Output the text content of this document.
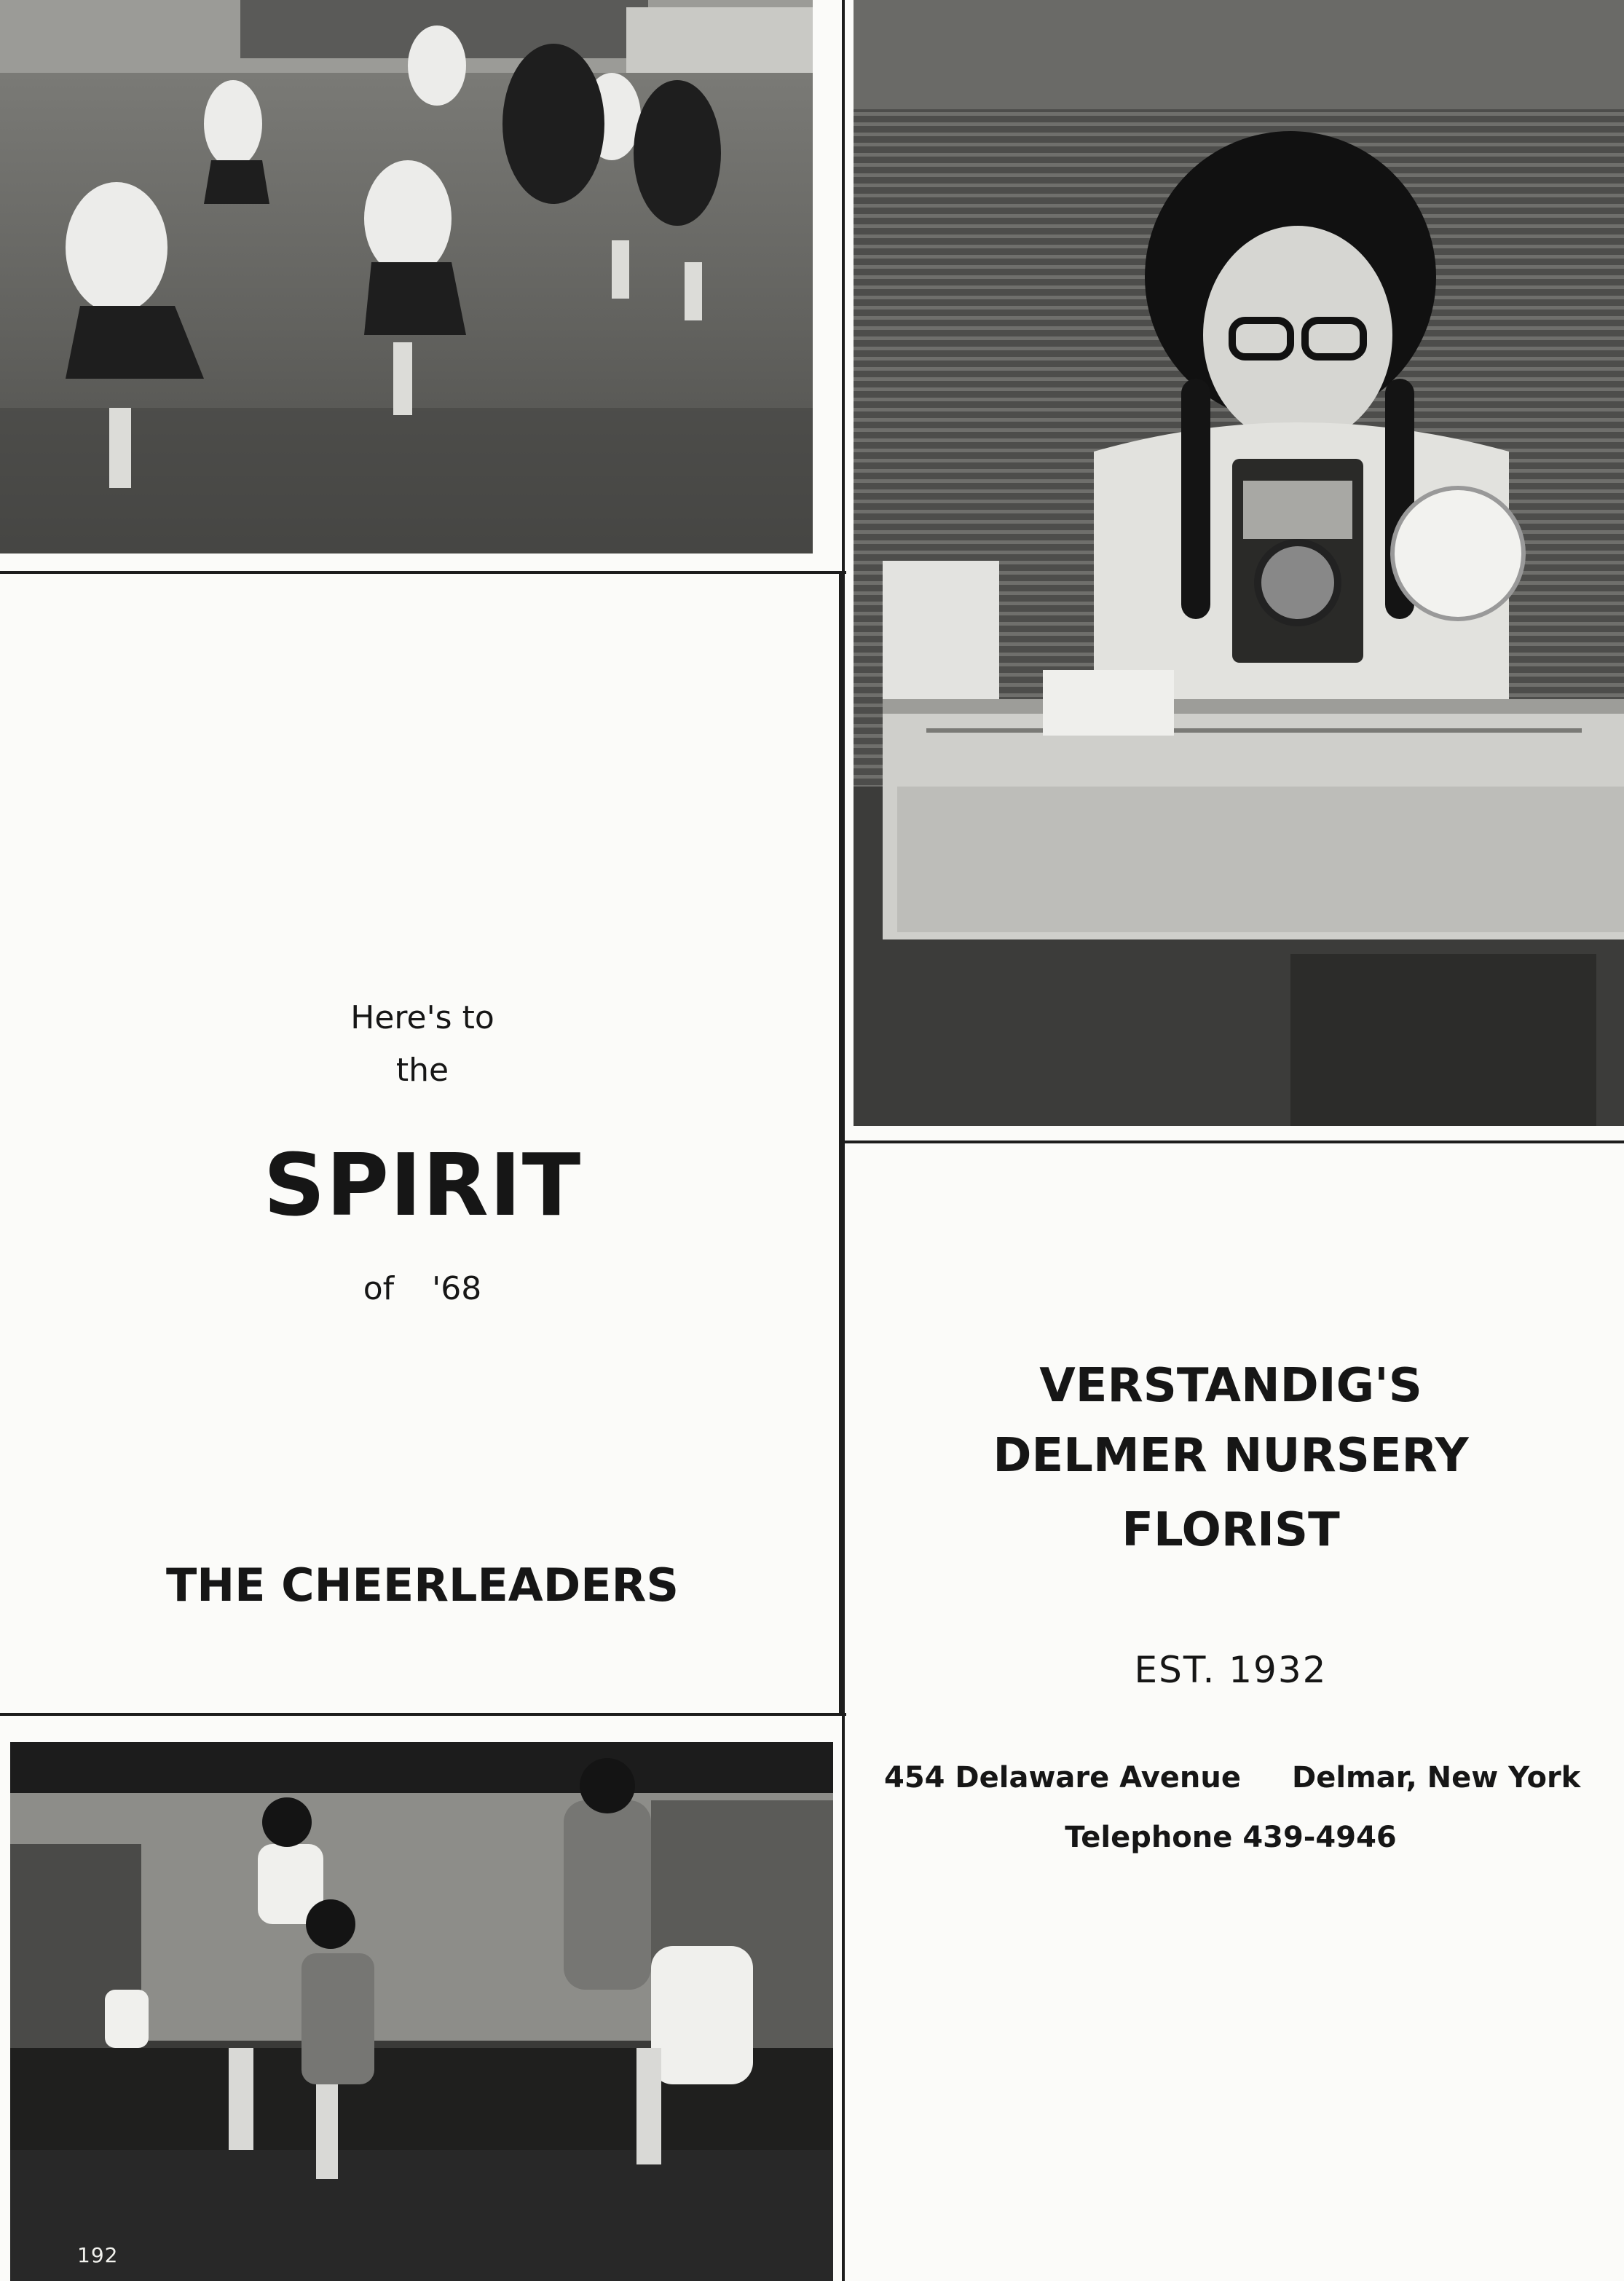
192
Here's to
the
SPIRIT
of '68
THE CHEERLEADERS
VERSTANDIG'S
DELMER NURSERY
FLORIST
EST. 1932
454 Delaware Avenue Delmar, New York
Telephone 439-4946
